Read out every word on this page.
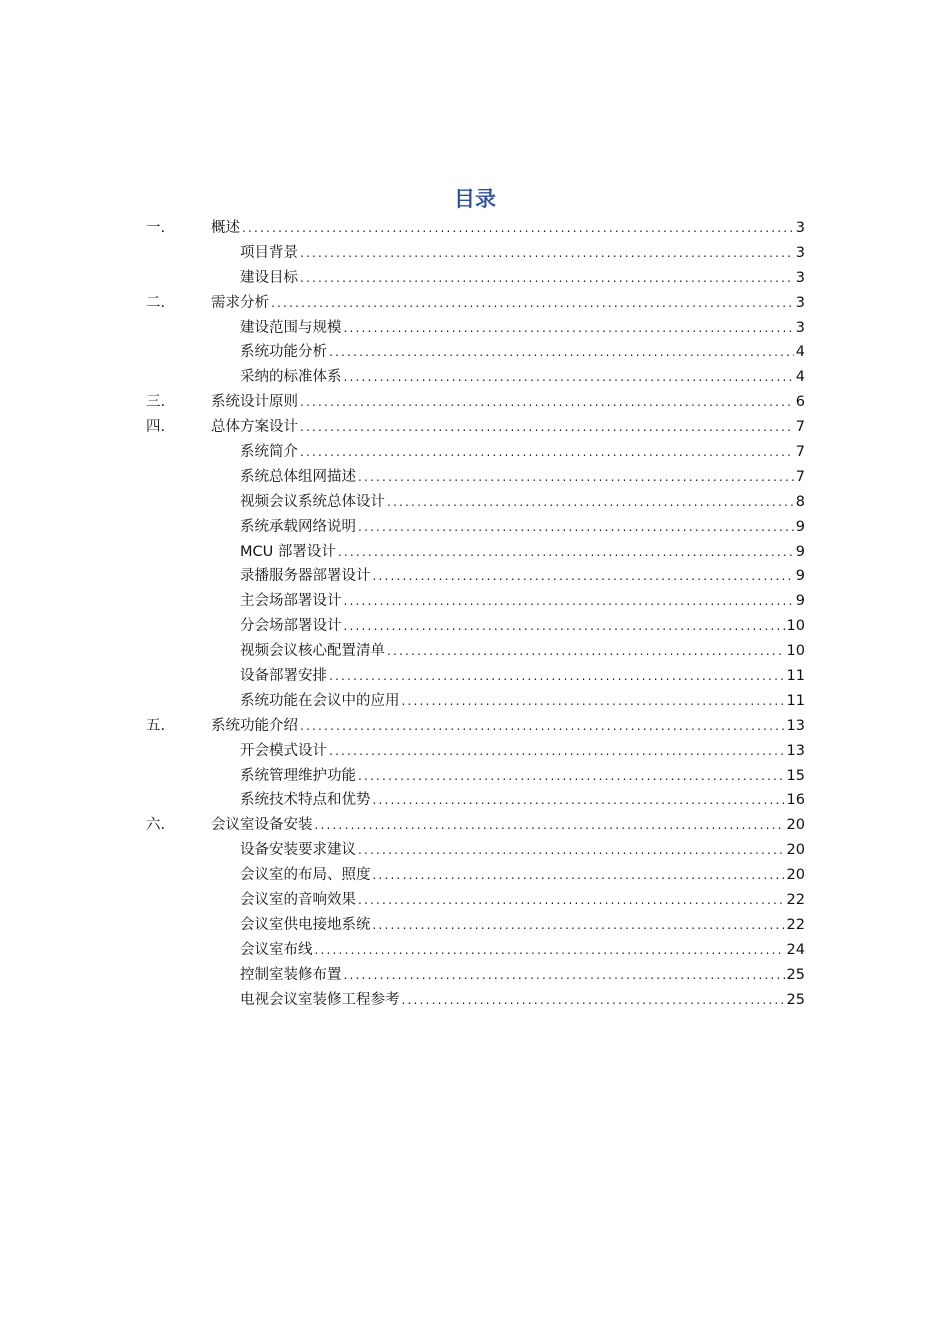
目录
一.	概述 .....	3
项目背景 .....	3
建设目标 .....	3
二.	需求分析 .....	3
建设范围与规模 .....	3
系统功能分析 .....	4
采纳的标准体系 .....	4
三.	系统设计原则 .....	6
四.	总体方案设计 .....	7
系统简介 .....	7
系统总体组网描述 .....	7
视频会议系统总体设计 .....	8
系统承载网络说明 .....	9
MCU 部署设计 .....	9
录播服务器部署设计 .....	9
主会场部署设计 .....	9
分会场部署设计 .....	10
视频会议核心配置清单 .....	10
设备部署安排 .....	11
系统功能在会议中的应用 .....	11
五.	系统功能介绍 .....	13
开会模式设计 .....	13
系统管理维护功能 .....	15
系统技术特点和优势 .....	16
六.	会议室设备安装 .....	20
设备安装要求建议 .....	20
会议室的布局、照度 .....	20
会议室的音响效果 .....	22
会议室供电接地系统 .....	22
会议室布线 .....	24
控制室装修布置 .....	25
电视会议室装修工程参考 .....	25
